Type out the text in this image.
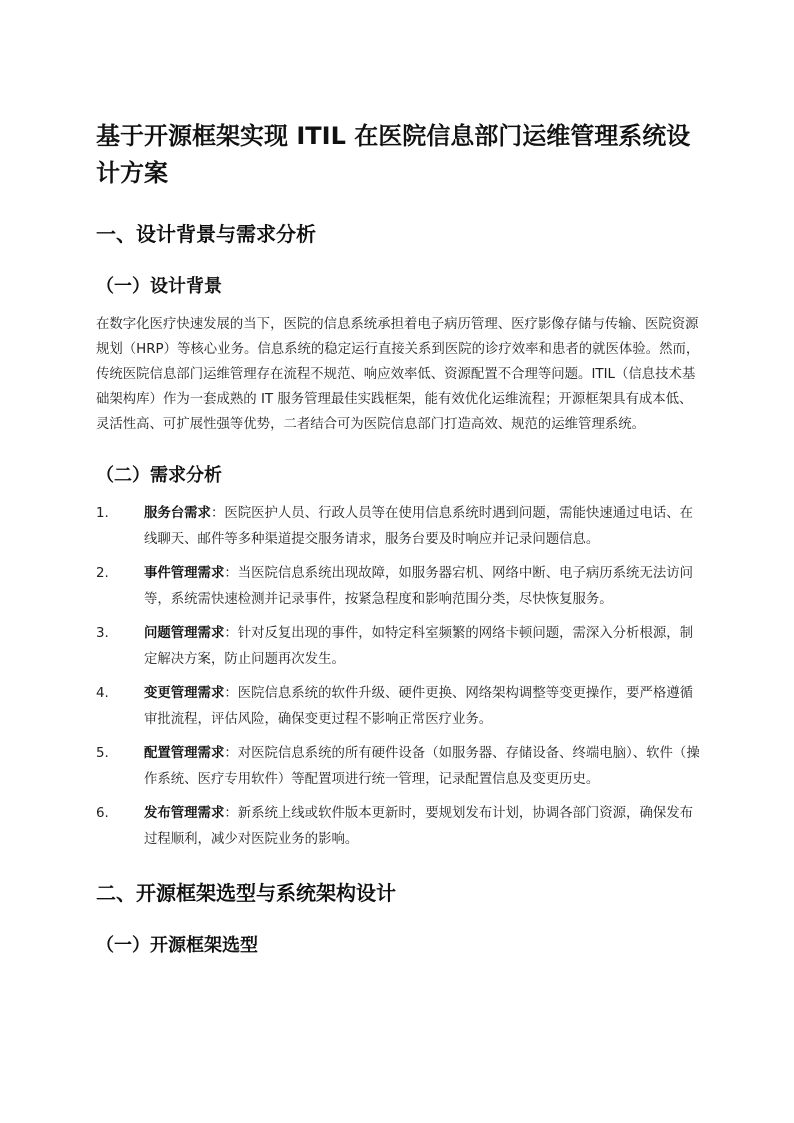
基于开源框架实现 ITIL 在医院信息部门运维管理系统设计方案
一、设计背景与需求分析
（一）设计背景

在数字化医疗快速发展的当下，医院的信息系统承担着电子病历管理、医疗影像存储与传输、医院资源规划（HRP）等核心业务。信息系统的稳定运行直接关系到医院的诊疗效率和患者的就医体验。然而，传统医院信息部门运维管理存在流程不规范、响应效率低、资源配置不合理等问题。ITIL（信息技术基础架构库）作为一套成熟的 IT 服务管理最佳实践框架，能有效优化运维流程；开源框架具有成本低、灵活性高、可扩展性强等优势，二者结合可为医院信息部门打造高效、规范的运维管理系统。

（二）需求分析
1.	服务台需求：医院医护人员、行政人员等在使用信息系统时遇到问题，需能快速通过电话、在线聊天、邮件等多种渠道提交服务请求，服务台要及时响应并记录问题信息。
2.	事件管理需求：当医院信息系统出现故障，如服务器宕机、网络中断、电子病历系统无法访问等，系统需快速检测并记录事件，按紧急程度和影响范围分类，尽快恢复服务。
3.	问题管理需求：针对反复出现的事件，如特定科室频繁的网络卡顿问题，需深入分析根源，制定解决方案，防止问题再次发生。
4.	变更管理需求：医院信息系统的软件升级、硬件更换、网络架构调整等变更操作，要严格遵循审批流程，评估风险，确保变更过程不影响正常医疗业务。
5.	配置管理需求：对医院信息系统的所有硬件设备（如服务器、存储设备、终端电脑）、软件（操作系统、医疗专用软件）等配置项进行统一管理，记录配置信息及变更历史。
6.	发布管理需求：新系统上线或软件版本更新时，要规划发布计划，协调各部门资源，确保发布过程顺利，减少对医院业务的影响。
二、开源框架选型与系统架构设计
（一）开源框架选型
